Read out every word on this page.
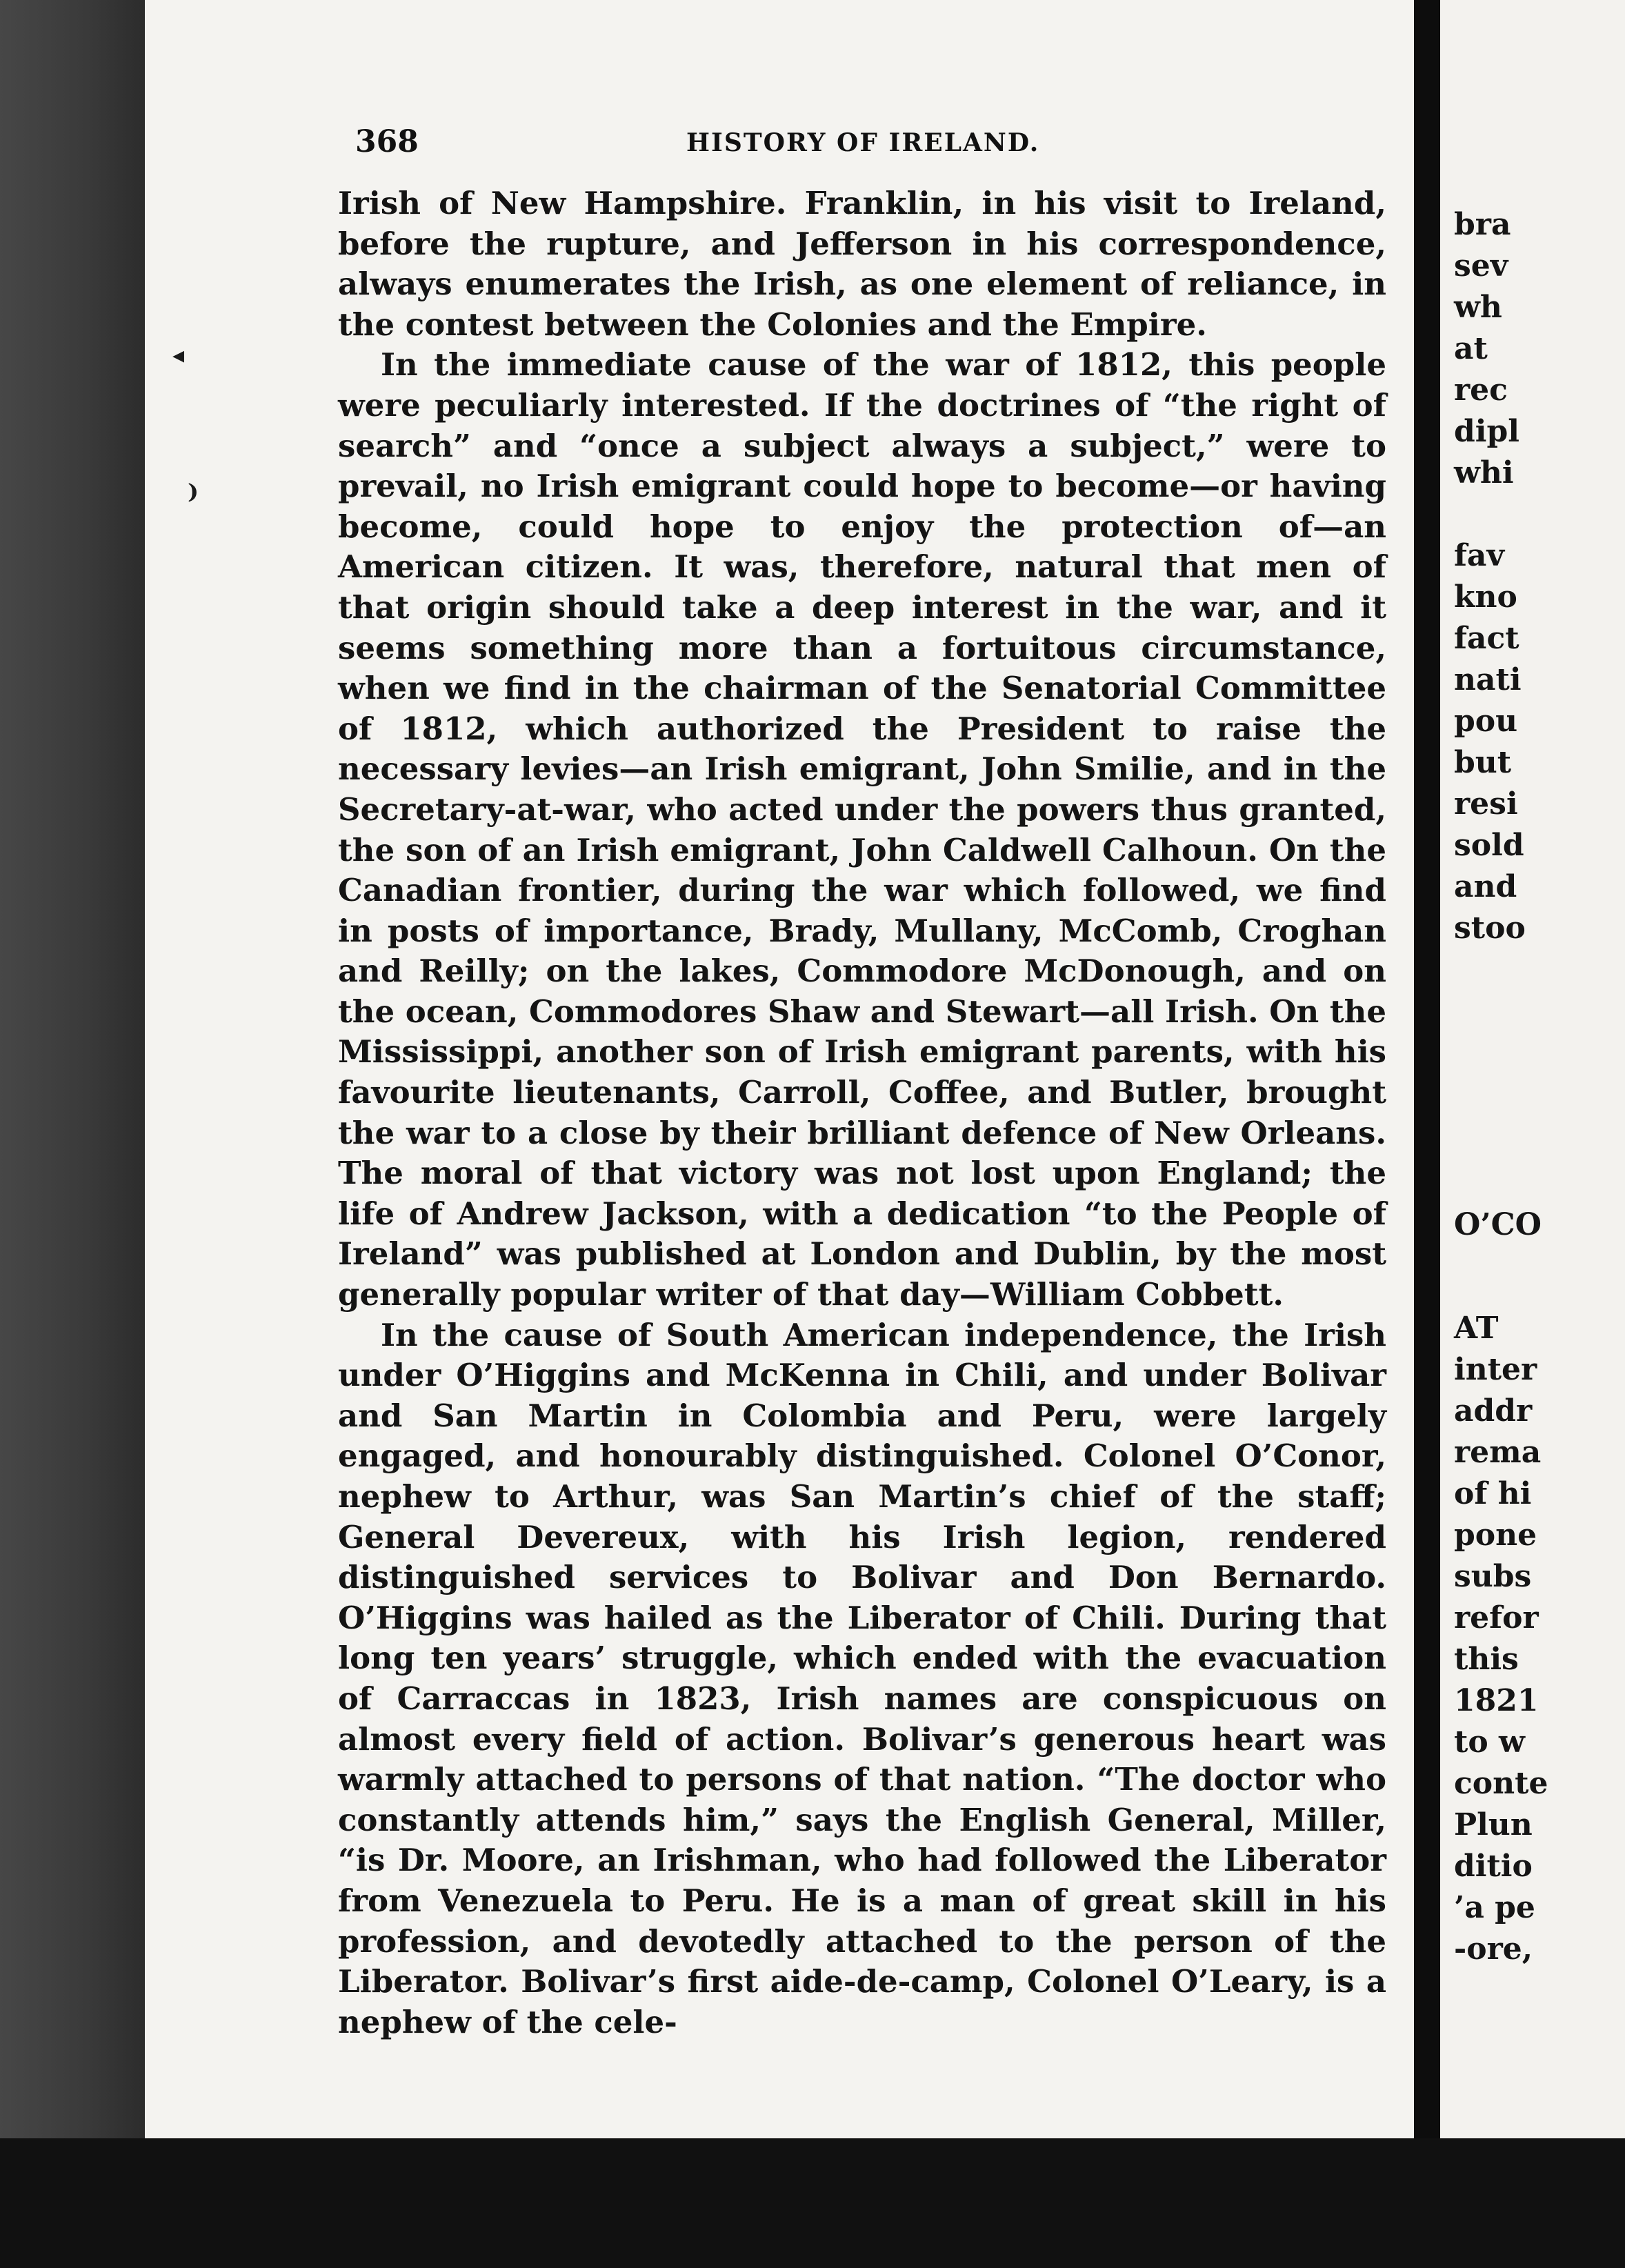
◂
⁾
368	HISTORY OF IRELAND.

Irish of New Hampshire. Franklin, in his visit to Ireland, before the rupture, and Jefferson in his correspondence, always enumerates the Irish, as one element of reliance, in the contest between the Colonies and the Empire.

In the immediate cause of the war of 1812, this people were peculiarly interested. If the doctrines of “the right of search” and “once a subject always a subject,” were to prevail, no Irish emigrant could hope to become—or having become, could hope to enjoy the protection of—an American citizen. It was, therefore, natural that men of that origin should take a deep interest in the war, and it seems something more than a fortuitous circumstance, when we find in the chairman of the Senatorial Committee of 1812, which authorized the President to raise the necessary levies—an Irish emigrant, John Smilie, and in the Secretary-at-war, who acted under the powers thus granted, the son of an Irish emigrant, John Caldwell Calhoun. On the Canadian frontier, during the war which followed, we find in posts of importance, Brady, Mullany, McComb, Croghan and Reilly; on the lakes, Commodore McDonough, and on the ocean, Commodores Shaw and Stewart—all Irish. On the Mississippi, another son of Irish emigrant parents, with his favourite lieutenants, Carroll, Coffee, and Butler, brought the war to a close by their brilliant defence of New Orleans. The moral of that victory was not lost upon England; the life of Andrew Jackson, with a dedication “to the People of Ireland” was published at London and Dublin, by the most generally popular writer of that day—William Cobbett.

In the cause of South American independence, the Irish under O’Higgins and McKenna in Chili, and under Bolivar and San Martin in Colombia and Peru, were largely engaged, and honourably distinguished. Colonel O’Conor, nephew to Arthur, was San Martin’s chief of the staff; General Devereux, with his Irish legion, rendered distinguished services to Bolivar and Don Bernardo. O’Higgins was hailed as the Liberator of Chili. During that long ten years’ struggle, which ended with the evacuation of Carraccas in 1823, Irish names are conspicuous on almost every field of action. Bolivar’s generous heart was warmly attached to persons of that nation. “The doctor who constantly attends him,” says the English General, Miller, “is Dr. Moore, an Irishman, who had followed the Liberator from Venezuela to Peru. He is a man of great skill in his profession, and devotedly attached to the person of the Liberator. Bolivar’s first aide-de-camp, Colonel O’Leary, is a nephew of the cele-

bra
sev
wh
at
rec
dipl
whi
fav
kno
fact
nati
pou
but
resi
sold
and
stoo
O’CO
AT
inter
addr
rema
of hi
pone
subs
refor
this
1821
to w
conte
Plun
ditio
’a pe
-ore,
